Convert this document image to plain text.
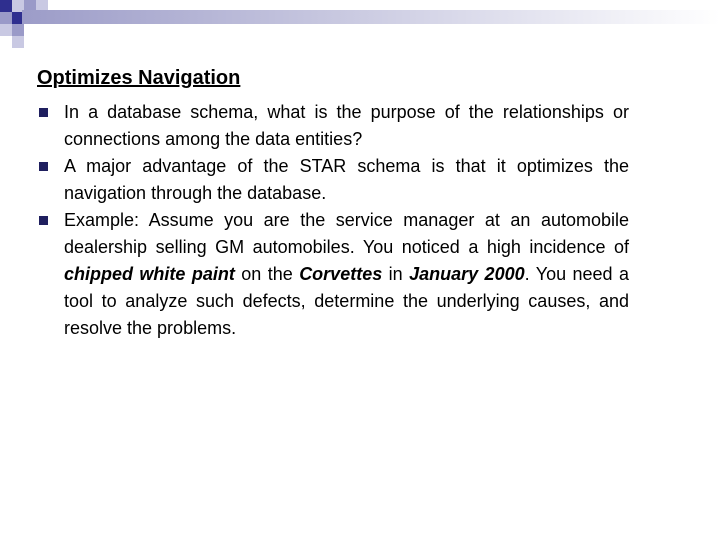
Optimizes Navigation
In a database schema, what is the purpose of the relationships or connections among the data entities?
A major advantage of the STAR schema is that it optimizes the navigation through the database.
Example: Assume you are the service manager at an automobile dealership selling GM automobiles. You noticed a high incidence of chipped white paint on the Corvettes in January 2000. You need a tool to analyze such defects, determine the underlying causes, and resolve the problems.
